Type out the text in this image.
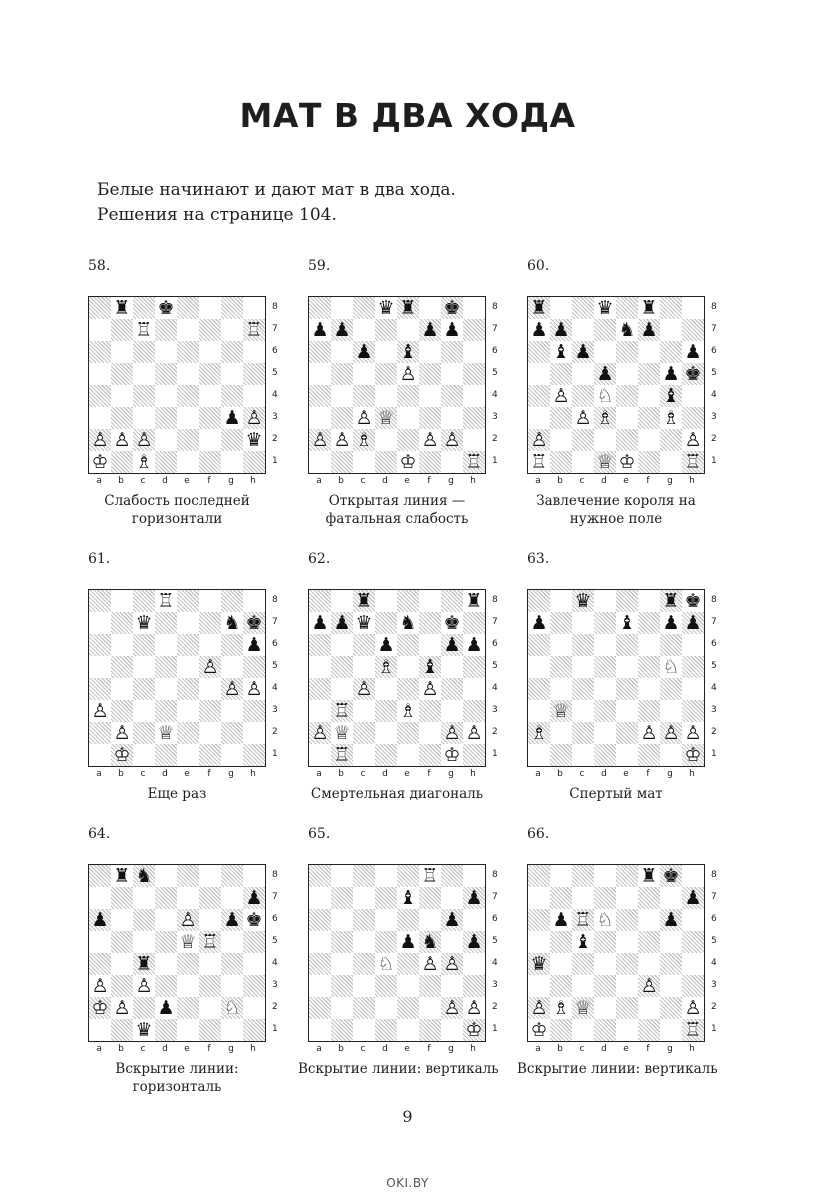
МАТ В ДВА ХОДА
Белые начинают и дают мат в два хода.
Решения на странице 104.
58.
♜ ♚
♜ ♖	♜ ♖
♟ ♟ ♙
♟ ♙ ♟ ♙ ♟ ♙	♛
♚ ♔ ♝ ♗
8
7
6
5
4
3
2
1
a	b	c	d	e	f	g	h
Слабость последней
горизонтали
59.
♛ ♜ ♚
♟ ♟	♟ ♟
♟ ♝
♟ ♙
♟ ♙ ♛ ♕
♟ ♙ ♟ ♙ ♝ ♗	♟ ♙ ♟ ♙
♚ ♔	♜ ♖
8
7
6
5
4
3
2
1
a	b	c	d	e	f	g	h
Открытая линия —
фатальная слабость
60.
♜	♛ ♜
♟ ♟	♞ ♟
♝ ♟	♟
♟	♟ ♚
♟ ♙ ♞ ♘	♝
♟ ♙ ♝ ♗	♝ ♗
♟ ♙	♟ ♙
♜ ♖	♛ ♕ ♚ ♔	♜ ♖
8
7
6
5
4
3
2
1
a	b	c	d	e	f	g	h
Завлечение короля на
нужное поле
61.
♜ ♖
♛	♞ ♚
♟
♟ ♙
♟ ♙ ♟ ♙
♟ ♙
♟ ♙ ♛ ♕
♚ ♔
8
7
6
5
4
3
2
1
a	b	c	d	e	f	g	h
Еще раз
62.
♜	♜
♟ ♟ ♛ ♞ ♚
♟	♟ ♟
♝ ♗ ♝
♟ ♙	♟ ♙
♜ ♖	♝ ♗
♟ ♙ ♛ ♕	♟ ♙ ♟ ♙
♜ ♖	♚ ♔
8
7
6
5
4
3
2
1
a	b	c	d	e	f	g	h
Смертельная диагональ
63.
♛	♜ ♚
♟	♝ ♟ ♟
♞ ♘
♛ ♕
♝ ♗	♟ ♙ ♟ ♙ ♟ ♙
♚ ♔
8
7
6
5
4
3
2
1
a	b	c	d	e	f	g	h
Спертый мат
64.
♜ ♞
♟
♟	♟ ♙ ♟ ♚
♛ ♕ ♜ ♖
♜
♟ ♙ ♟ ♙
♚ ♔ ♟ ♙ ♟	♞ ♘
♛
8
7
6
5
4
3
2
1
a	b	c	d	e	f	g	h
Вскрытие линии:
горизонталь
65.
♜ ♖
♝	♟
♟
♟ ♞ ♟
♞ ♘ ♟ ♙ ♟ ♙
♟ ♙ ♟ ♙
♚ ♔
8
7
6
5
4
3
2
1
a	b	c	d	e	f	g	h
Вскрытие линии: вертикаль
66.
♜ ♚
♟
♟ ♜ ♖ ♞ ♘	♟
♝
♛
♟ ♙
♟ ♙ ♝ ♗ ♛ ♕	♟ ♙
♚ ♔	♜ ♖
8
7
6
5
4
3
2
1
a	b	c	d	e	f	g	h
Вскрытие линии: вертикаль
9
OKI.BY
